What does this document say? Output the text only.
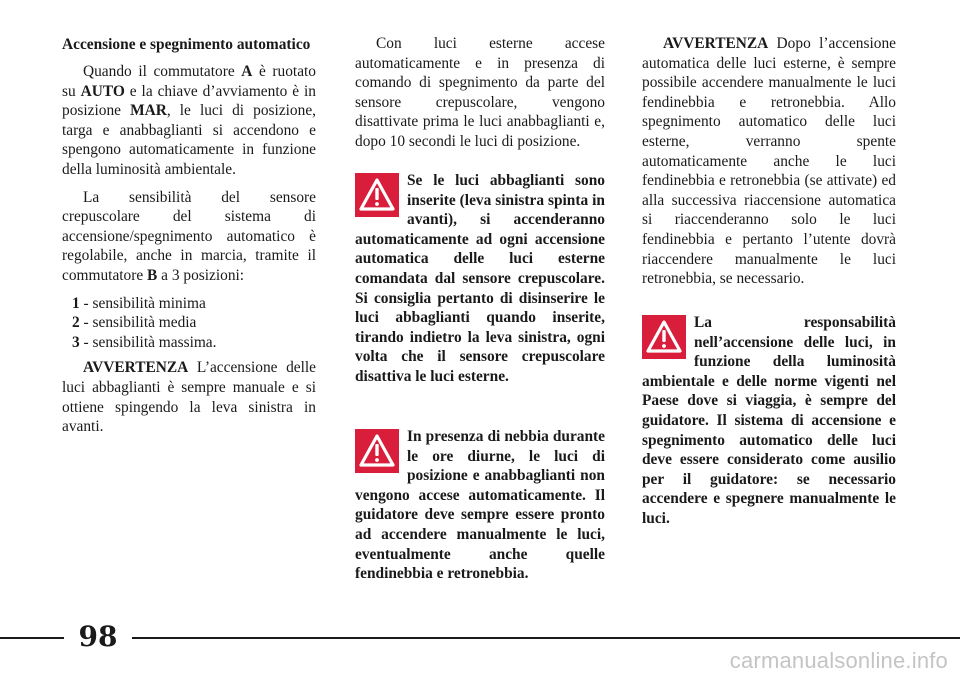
Accensione e spegnimento automatico

Quando il commutatore A è ruotato su AUTO e la chiave d’avviamento è in posizione MAR, le luci di posizione, targa e anabbaglianti si accendono e spengono automaticamente in funzione della luminosità ambientale.

La sensibilità del sensore crepuscolare del sistema di accensione/spegnimento automatico è regolabile, anche in marcia, tramite il commutatore B a 3 posizioni:

1 - sensibilità minima

2 - sensibilità media

3 - sensibilità massima.

AVVERTENZA L’accensione delle luci abbaglianti è sempre manuale e si ottiene spingendo la leva sinistra in avanti.

Con luci esterne accese automaticamente e in presenza di comando di spegnimento da parte del sensore crepuscolare, vengono disattivate prima le luci anabbaglianti e, dopo 10 secondi le luci di posizione.

Se le luci abbaglianti sono inserite (leva sinistra spinta in avanti), si accenderanno automaticamente ad ogni accensione automatica delle luci esterne comandata dal sensore crepuscolare. Si consiglia pertanto di disinserire le luci abbaglianti quando inserite, tirando indietro la leva sinistra, ogni volta che il sensore crepuscolare disattiva le luci esterne.
In presenza di nebbia durante le ore diurne, le luci di posizione e anabbaglianti non vengono accese automaticamente. Il guidatore deve sempre essere pronto ad accendere manualmente le luci, eventualmente anche quelle fendinebbia e retronebbia.

AVVERTENZA Dopo l’accensione automatica delle luci esterne, è sempre possibile accendere manualmente le luci fendinebbia e retronebbia. Allo spegnimento automatico delle luci esterne, verranno spente automaticamente anche le luci fendinebbia e retronebbia (se attivate) ed alla successiva riaccensione automatica si riaccenderanno solo le luci fendinebbia e pertanto l’utente dovrà riaccendere manualmente le luci retronebbia, se necessario.

La responsabilità nell’accensione delle luci, in funzione della luminosità ambientale e delle norme vigenti nel Paese dove si viaggia, è sempre del guidatore. Il sistema di accensione e spegnimento automatico delle luci deve essere considerato come ausilio per il guidatore: se necessario accendere e spegnere manualmente le luci.
98
carmanualsonline.info
